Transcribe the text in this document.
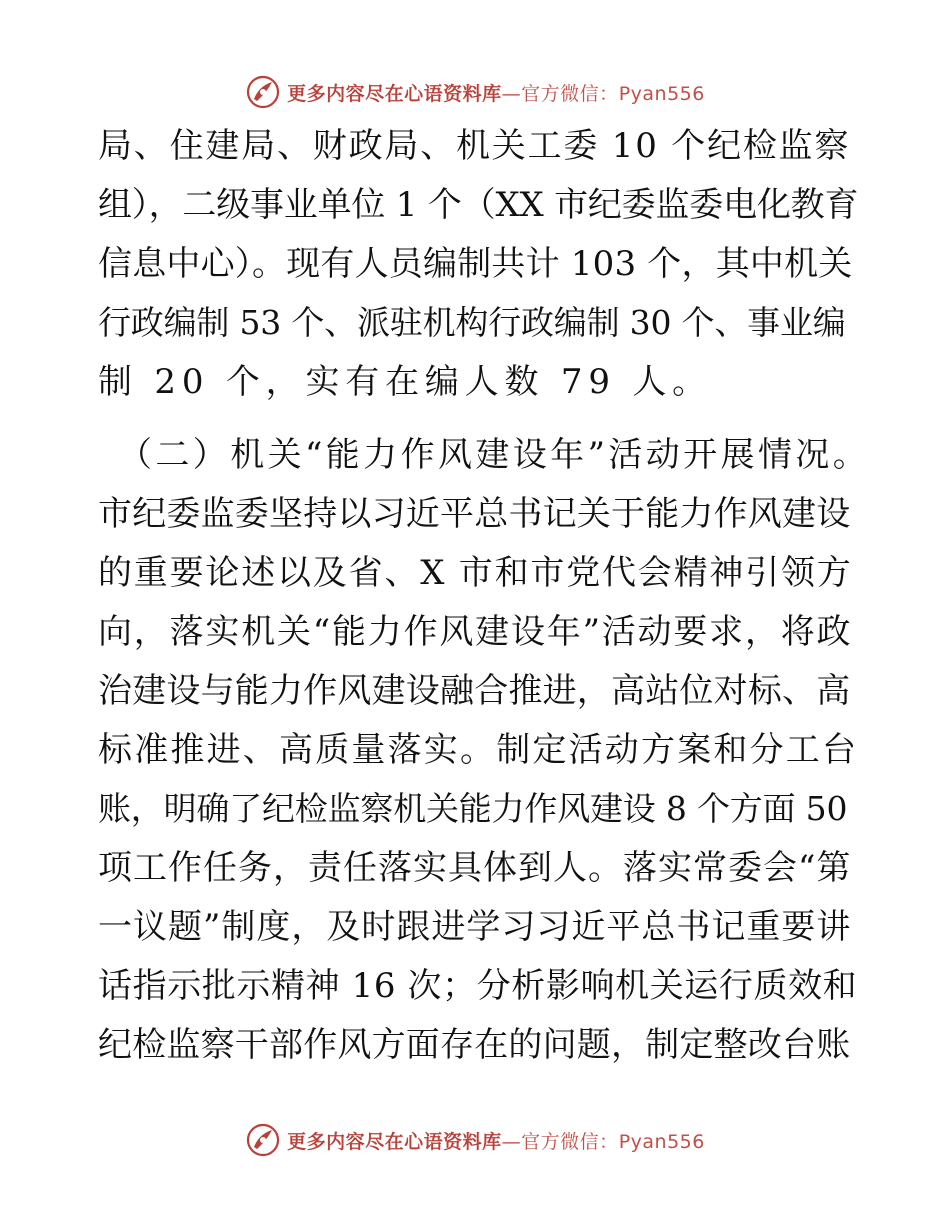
更多内容尽在心语资料库—官方微信：Pyan556
局、住建局、财政局、机关工委 10 个纪检监察
组），二级事业单位 1 个（XX 市纪委监委电化教育
信息中心）。现有人员编制共计 103 个，其中机关
行政编制 53 个、派驻机构行政编制 30 个、事业编
制 20 个，实有在编人数 79 人。
（二）机关“能力作风建设年”活动开展情况。
市纪委监委坚持以习近平总书记关于能力作风建设
的重要论述以及省、X 市和市党代会精神引领方
向，落实机关“能力作风建设年”活动要求，将政
治建设与能力作风建设融合推进，高站位对标、高
标准推进、高质量落实。制定活动方案和分工台
账，明确了纪检监察机关能力作风建设 8 个方面 50
项工作任务，责任落实具体到人。落实常委会“第
一议题”制度，及时跟进学习习近平总书记重要讲
话指示批示精神 16 次；分析影响机关运行质效和
纪检监察干部作风方面存在的问题，制定整改台账
更多内容尽在心语资料库—官方微信：Pyan556
